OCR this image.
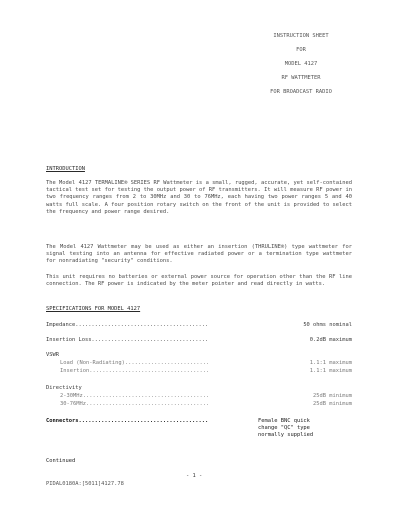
INSTRUCTION SHEET
FOR
MODEL 4127
RF WATTMETER
FOR BROADCAST RADIO
INTRODUCTION
The Model 4127 TERMALINE® SERIES RF Wattmeter is a small, rugged, accurate, yet self-contained tactical test set for testing the output power of RF transmitters. It will measure RF power in two frequency ranges from 2 to 30MHz and 30 to 76MHz, each having two power ranges 5 and 40 watts full scale. A four position rotary switch on the front of the unit is provided to select the frequency and power range desired.
The Model 4127 Wattmeter may be used as either an insertion (THRULINE®) type wattmeter for signal testing into an antenna for effective radiated power or a termination type wattmeter for nonradiating "security" conditions.
This unit requires no batteries or external power source for operation other than the RF line connection. The RF power is indicated by the meter pointer and read directly in watts.
SPECIFICATIONS FOR MODEL 4127
Impedance.........................................	50 ohms nominal
Insertion Loss....................................	0.2dB maximum
VSWR
Load (Non-Radiating)..........................	1.1:1 maximum
Insertion.....................................	1.1:1 maximum
Directivity
2-30MHz.......................................	25dB minimum
30-76MHz......................................	25dB minimum
Connectors........................................	Female BNC quick
change "QC" type
normally supplied
Continued
- 1 -
PIDAL0180A:[5011]4127.78
